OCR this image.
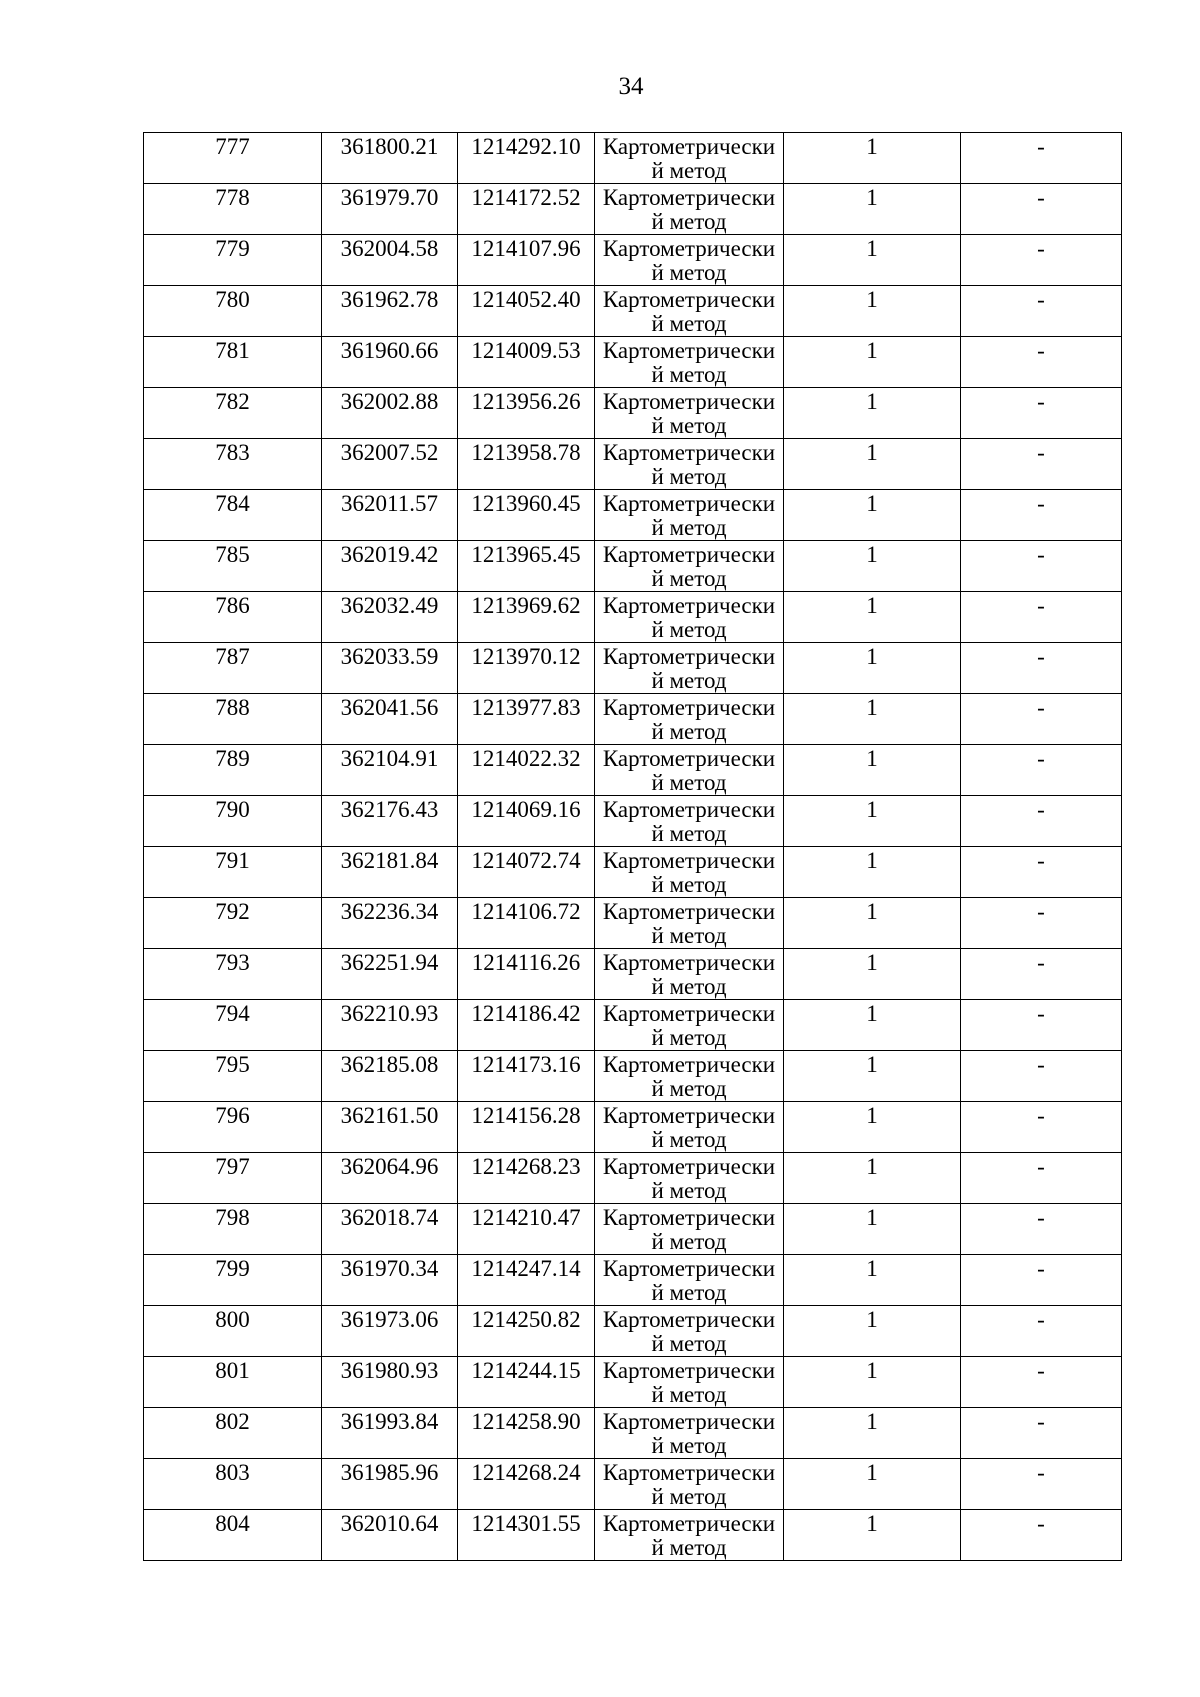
34
777	361800.21	1214292.10	Картометрически
й метод	1	-

778	361979.70	1214172.52	Картометрически
й метод	1	-

779	362004.58	1214107.96	Картометрически
й метод	1	-

780	361962.78	1214052.40	Картометрически
й метод	1	-

781	361960.66	1214009.53	Картометрически
й метод	1	-

782	362002.88	1213956.26	Картометрически
й метод	1	-

783	362007.52	1213958.78	Картометрически
й метод	1	-

784	362011.57	1213960.45	Картометрически
й метод	1	-

785	362019.42	1213965.45	Картометрически
й метод	1	-

786	362032.49	1213969.62	Картометрически
й метод	1	-

787	362033.59	1213970.12	Картометрически
й метод	1	-

788	362041.56	1213977.83	Картометрически
й метод	1	-

789	362104.91	1214022.32	Картометрически
й метод	1	-

790	362176.43	1214069.16	Картометрически
й метод	1	-

791	362181.84	1214072.74	Картометрически
й метод	1	-

792	362236.34	1214106.72	Картометрически
й метод	1	-

793	362251.94	1214116.26	Картометрически
й метод	1	-

794	362210.93	1214186.42	Картометрически
й метод	1	-

795	362185.08	1214173.16	Картометрически
й метод	1	-

796	362161.50	1214156.28	Картометрически
й метод	1	-

797	362064.96	1214268.23	Картометрически
й метод	1	-

798	362018.74	1214210.47	Картометрически
й метод	1	-

799	361970.34	1214247.14	Картометрически
й метод	1	-

800	361973.06	1214250.82	Картометрически
й метод	1	-

801	361980.93	1214244.15	Картометрически
й метод	1	-

802	361993.84	1214258.90	Картометрически
й метод	1	-

803	361985.96	1214268.24	Картометрически
й метод	1	-

804	362010.64	1214301.55	Картометрически
й метод	1	-
